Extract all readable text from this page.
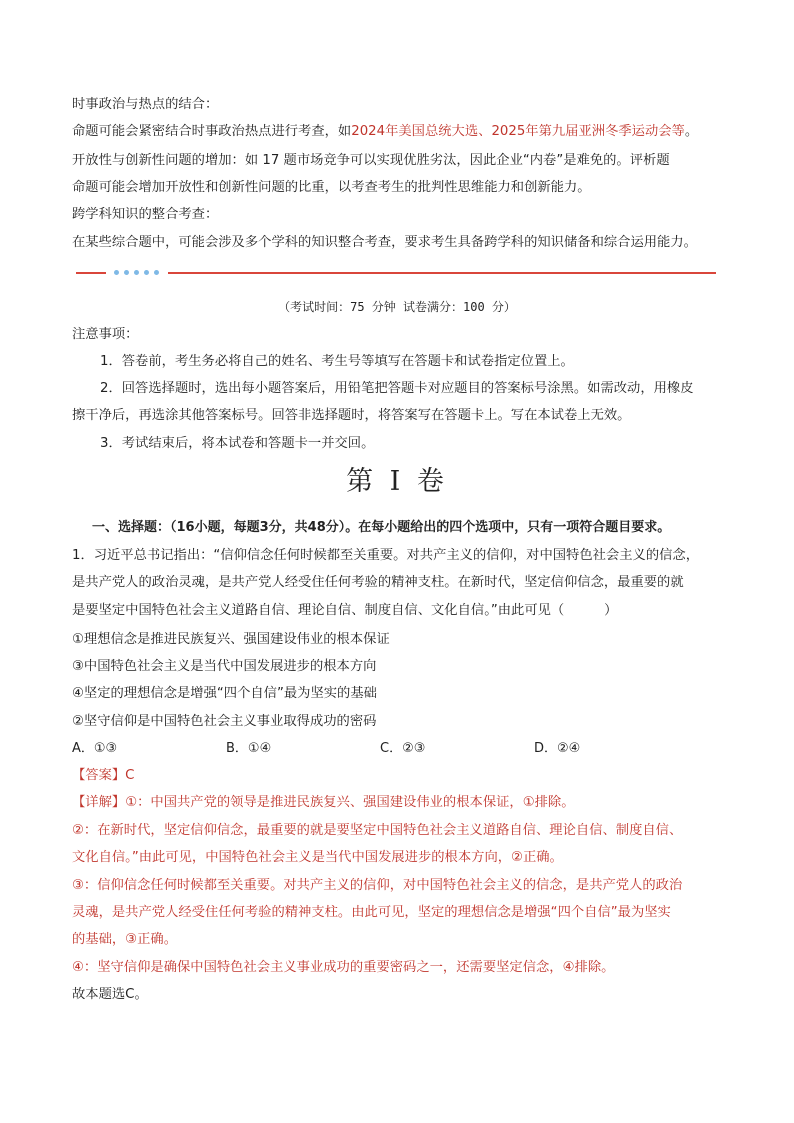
时事政治与热点的结合：
命题可能会紧密结合时事政治热点进行考查，如2024年美国总统大选、2025年第九届亚洲冬季运动会等。
开放性与创新性问题的增加：如 17 题市场竞争可以实现优胜劣汰，因此企业“内卷”是难免的。评析题
命题可能会增加开放性和创新性问题的比重，以考查考生的批判性思维能力和创新能力。
跨学科知识的整合考查：
在某些综合题中，可能会涉及多个学科的知识整合考查，要求考生具备跨学科的知识储备和综合运用能力。
（考试时间：75 分钟 试卷满分：100 分）
注意事项：
1．答卷前，考生务必将自己的姓名、考生号等填写在答题卡和试卷指定位置上。
2．回答选择题时，选出每小题答案后，用铅笔把答题卡对应题目的答案标号涂黑。如需改动，用橡皮
擦干净后，再选涂其他答案标号。回答非选择题时，将答案写在答题卡上。写在本试卷上无效。
3．考试结束后，将本试卷和答题卡一并交回。
第 I 卷
一、选择题：（16小题，每题3分，共48分）。在每小题给出的四个选项中，只有一项符合题目要求。
1．习近平总书记指出：“信仰信念任何时候都至关重要。对共产主义的信仰，对中国特色社会主义的信念，
是共产党人的政治灵魂，是共产党人经受住任何考验的精神支柱。在新时代，坚定信仰信念，最重要的就
是要坚定中国特色社会主义道路自信、理论自信、制度自信、文化自信。”由此可见（　　　）
①理想信念是推进民族复兴、强国建设伟业的根本保证
③中国特色社会主义是当代中国发展进步的根本方向
④坚定的理想信念是增强“四个自信”最为坚实的基础
②坚守信仰是中国特色社会主义事业取得成功的密码
A．①③	B．①④	C．②③	D．②④
【答案】C
【详解】①：中国共产党的领导是推进民族复兴、强国建设伟业的根本保证，①排除。
②：在新时代，坚定信仰信念，最重要的就是要坚定中国特色社会主义道路自信、理论自信、制度自信、
文化自信。”由此可见，中国特色社会主义是当代中国发展进步的根本方向，②正确。
③：信仰信念任何时候都至关重要。对共产主义的信仰，对中国特色社会主义的信念，是共产党人的政治
灵魂，是共产党人经受住任何考验的精神支柱。由此可见，坚定的理想信念是增强“四个自信”最为坚实
的基础，③正确。
④：坚守信仰是确保中国特色社会主义事业成功的重要密码之一，还需要坚定信念，④排除。
故本题选C。
